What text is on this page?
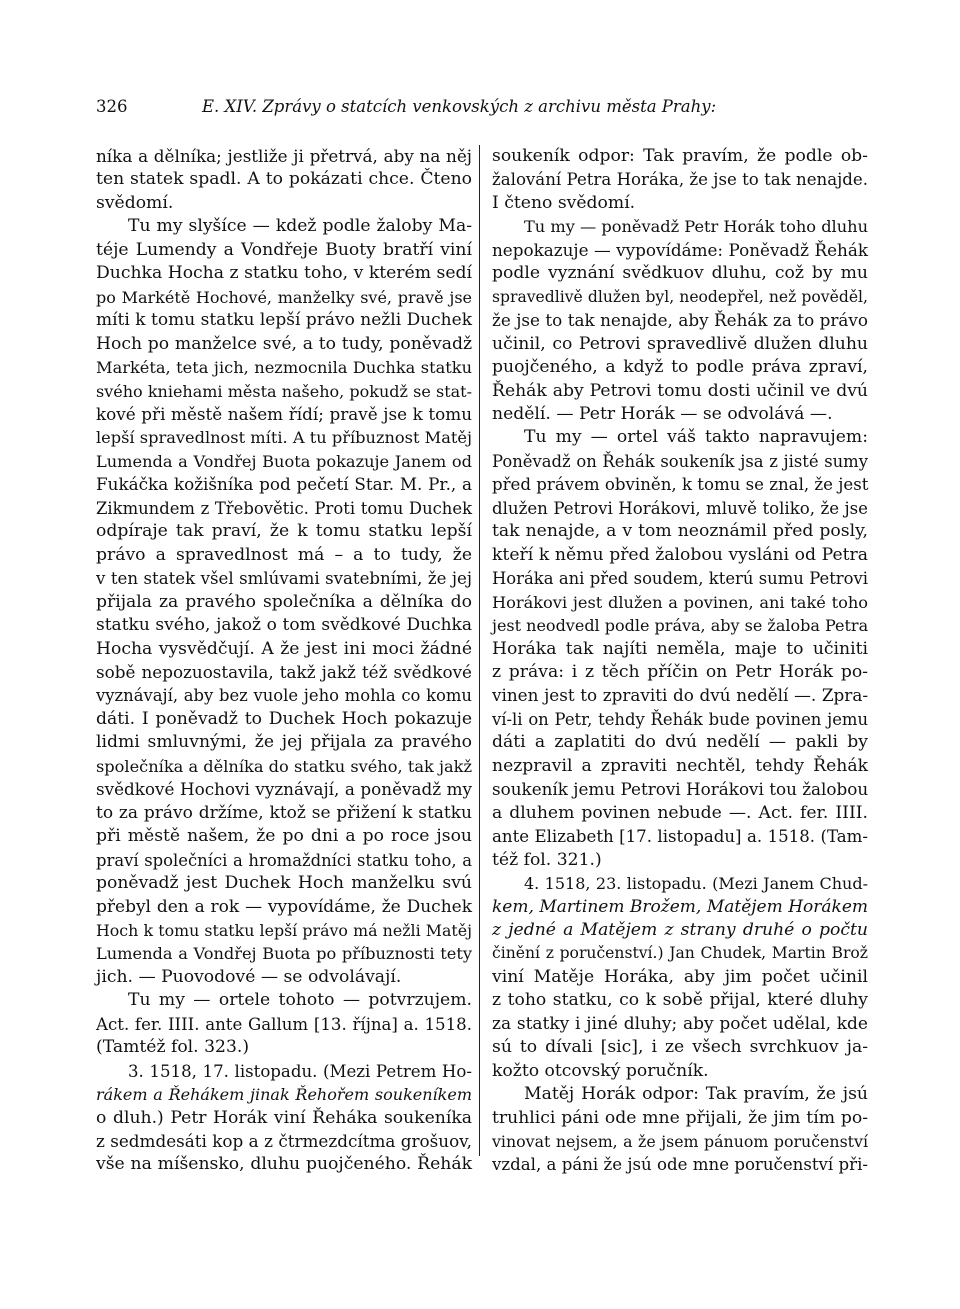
326	E. XIV. Zprávy o statcích venkovských z archivu města Prahy:
níka a dělníka; jestliže ji přetrvá, aby na něj
ten statek spadl. A to pokázati chce. Čteno
svědomí.
Tu my slyšíce — kdež podle žaloby Ma-
téje Lumendy a Vondřeje Buoty bratří viní
Duchka Hocha z statku toho, v kterém sedí
po Markétě Hochové, manželky své, pravě jse
míti k tomu statku lepší právo nežli Duchek
Hoch po manželce své, a to tudy, poněvadž
Markéta, teta jich, nezmocnila Duchka statku
svého kniehami města našeho, pokudž se stat-
kové při městě našem řídí; pravě jse k tomu
lepší spravedlnost míti. A tu příbuznost Matěj
Lumenda a Vondřej Buota pokazuje Janem od
Fukáčka kožišníka pod pečetí Star. M. Pr., a
Zikmundem z Třebovětic. Proti tomu Duchek
odpíraje tak praví, že k tomu statku lepší
právo a spravedlnost má – a to tudy, že
v ten statek všel smlúvami svatebními, že jej
přijala za pravého společníka a dělníka do
statku svého, jakož o tom svědkové Duchka
Hocha vysvědčují. A že jest ini moci žádné
sobě nepozuostavila, takž jakž též svědkové
vyznávají, aby bez vuole jeho mohla co komu
dáti. I poněvadž to Duchek Hoch pokazuje
lidmi smluvnými, že jej přijala za pravého
společníka a dělníka do statku svého, tak jakž
svědkové Hochovi vyznávají, a poněvadž my
to za právo držíme, ktož se přižení k statku
při městě našem, že po dni a po roce jsou
praví společníci a hromaždníci statku toho, a
poněvadž jest Duchek Hoch manželku svú
přebyl den a rok — vypovídáme, že Duchek
Hoch k tomu statku lepší právo má nežli Matěj
Lumenda a Vondřej Buota po příbuznosti tety
jich. — Puovodové — se odvolávají.
Tu my — ortele tohoto — potvrzujem.
Act. fer. IIII. ante Gallum [13. října] a. 1518.
(Tamtéž fol. 323.)
3. 1518, 17. listopadu. (Mezi Petrem Ho-
rákem a Řehákem jinak Řehořem soukeníkem
o dluh.) Petr Horák viní Řeháka soukeníka
z sedmdesáti kop a z čtrmezdcítma grošuov,
vše na míšensko, dluhu puojčeného. Řehák
soukeník odpor: Tak pravím, že podle ob-
žalování Petra Horáka, že jse to tak nenajde.
I čteno svědomí.
Tu my — poněvadž Petr Horák toho dluhu
nepokazuje — vypovídáme: Poněvadž Řehák
podle vyznání svědkuov dluhu, což by mu
spravedlivě dlužen byl, neodepřel, než pověděl,
že jse to tak nenajde, aby Řehák za to právo
učinil, co Petrovi spravedlivě dlužen dluhu
puojčeného, a když to podle práva zpraví,
Řehák aby Petrovi tomu dosti učinil ve dvú
nedělí. — Petr Horák — se odvolává —.
Tu my — ortel váš takto napravujem:
Poněvadž on Řehák soukeník jsa z jisté sumy
před právem obviněn, k tomu se znal, že jest
dlužen Petrovi Horákovi, mluvě toliko, že jse
tak nenajde, a v tom neoznámil před posly,
kteří k němu před žalobou vysláni od Petra
Horáka ani před soudem, kterú sumu Petrovi
Horákovi jest dlužen a povinen, ani také toho
jest neodvedl podle práva, aby se žaloba Petra
Horáka tak najíti neměla, maje to učiniti
z práva: i z těch příčin on Petr Horák po-
vinen jest to zpraviti do dvú nedělí —. Zpra-
ví-li on Petr, tehdy Řehák bude povinen jemu
dáti a zaplatiti do dvú nedělí — pakli by
nezpravil a zpraviti nechtěl, tehdy Řehák
soukeník jemu Petrovi Horákovi tou žalobou
a dluhem povinen nebude —. Act. fer. IIII.
ante Elizabeth [17. listopadu] a. 1518. (Tam-
též fol. 321.)
4. 1518, 23. listopadu. (Mezi Janem Chud-
kem, Martinem Brožem, Matějem Horákem
z jedné a Matějem z strany druhé o počtu
činění z poručenství.) Jan Chudek, Martin Brož
viní Matěje Horáka, aby jim počet učinil
z toho statku, co k sobě přijal, které dluhy
za statky i jiné dluhy; aby počet udělal, kde
sú to dívali [sic], i ze všech svrchkuov ja-
kožto otcovský poručník.
Matěj Horák odpor: Tak pravím, že jsú
truhlici páni ode mne přijali, že jim tím po-
vinovat nejsem, a že jsem pánuom poručenství
vzdal, a páni že jsú ode mne poručenství při-
